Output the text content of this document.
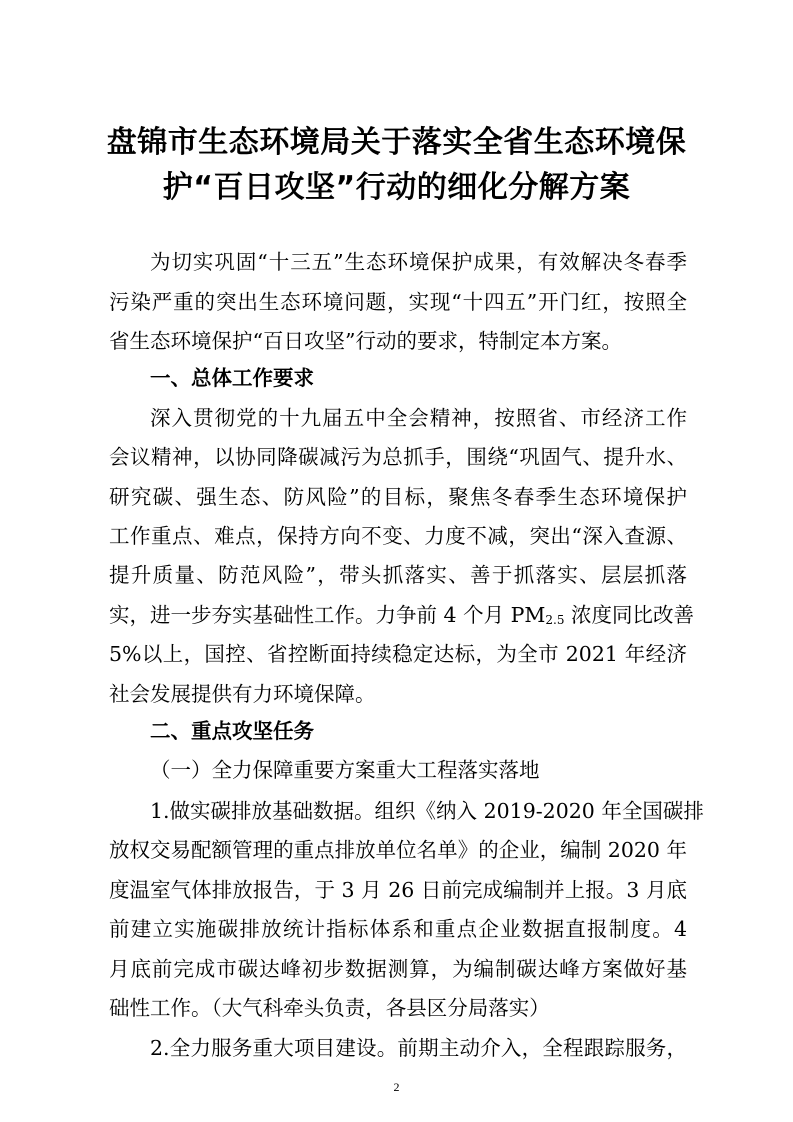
盘锦市生态环境局关于落实全省生态环境保
护“百日攻坚”行动的细化分解方案
为切实巩固“十三五”生态环境保护成果，有效解决冬春季
污染严重的突出生态环境问题，实现“十四五”开门红，按照全
省生态环境保护“百日攻坚”行动的要求，特制定本方案。
一、总体工作要求
深入贯彻党的十九届五中全会精神，按照省、市经济工作
会议精神，以协同降碳减污为总抓手，围绕“巩固气、提升水、
研究碳、强生态、防风险”的目标，聚焦冬春季生态环境保护
工作重点、难点，保持方向不变、力度不减，突出“深入查源、
提升质量、防范风险”，带头抓落实、善于抓落实、层层抓落
实，进一步夯实基础性工作。力争前 4 个月 $PM_{2.5}$ 浓度同比改善
5%以上，国控、省控断面持续稳定达标，为全市 2021 年经济
社会发展提供有力环境保障。
二、重点攻坚任务
（一）全力保障重要方案重大工程落实落地
1.做实碳排放基础数据。组织《纳入 2019-2020 年全国碳排
放权交易配额管理的重点排放单位名单》的企业，编制 2020 年
度温室气体排放报告，于 3 月 26 日前完成编制并上报。3 月底
前建立实施碳排放统计指标体系和重点企业数据直报制度。4
月底前完成市碳达峰初步数据测算，为编制碳达峰方案做好基
础性工作。（大气科牵头负责，各县区分局落实）
2.全力服务重大项目建设。前期主动介入，全程跟踪服务，
2
